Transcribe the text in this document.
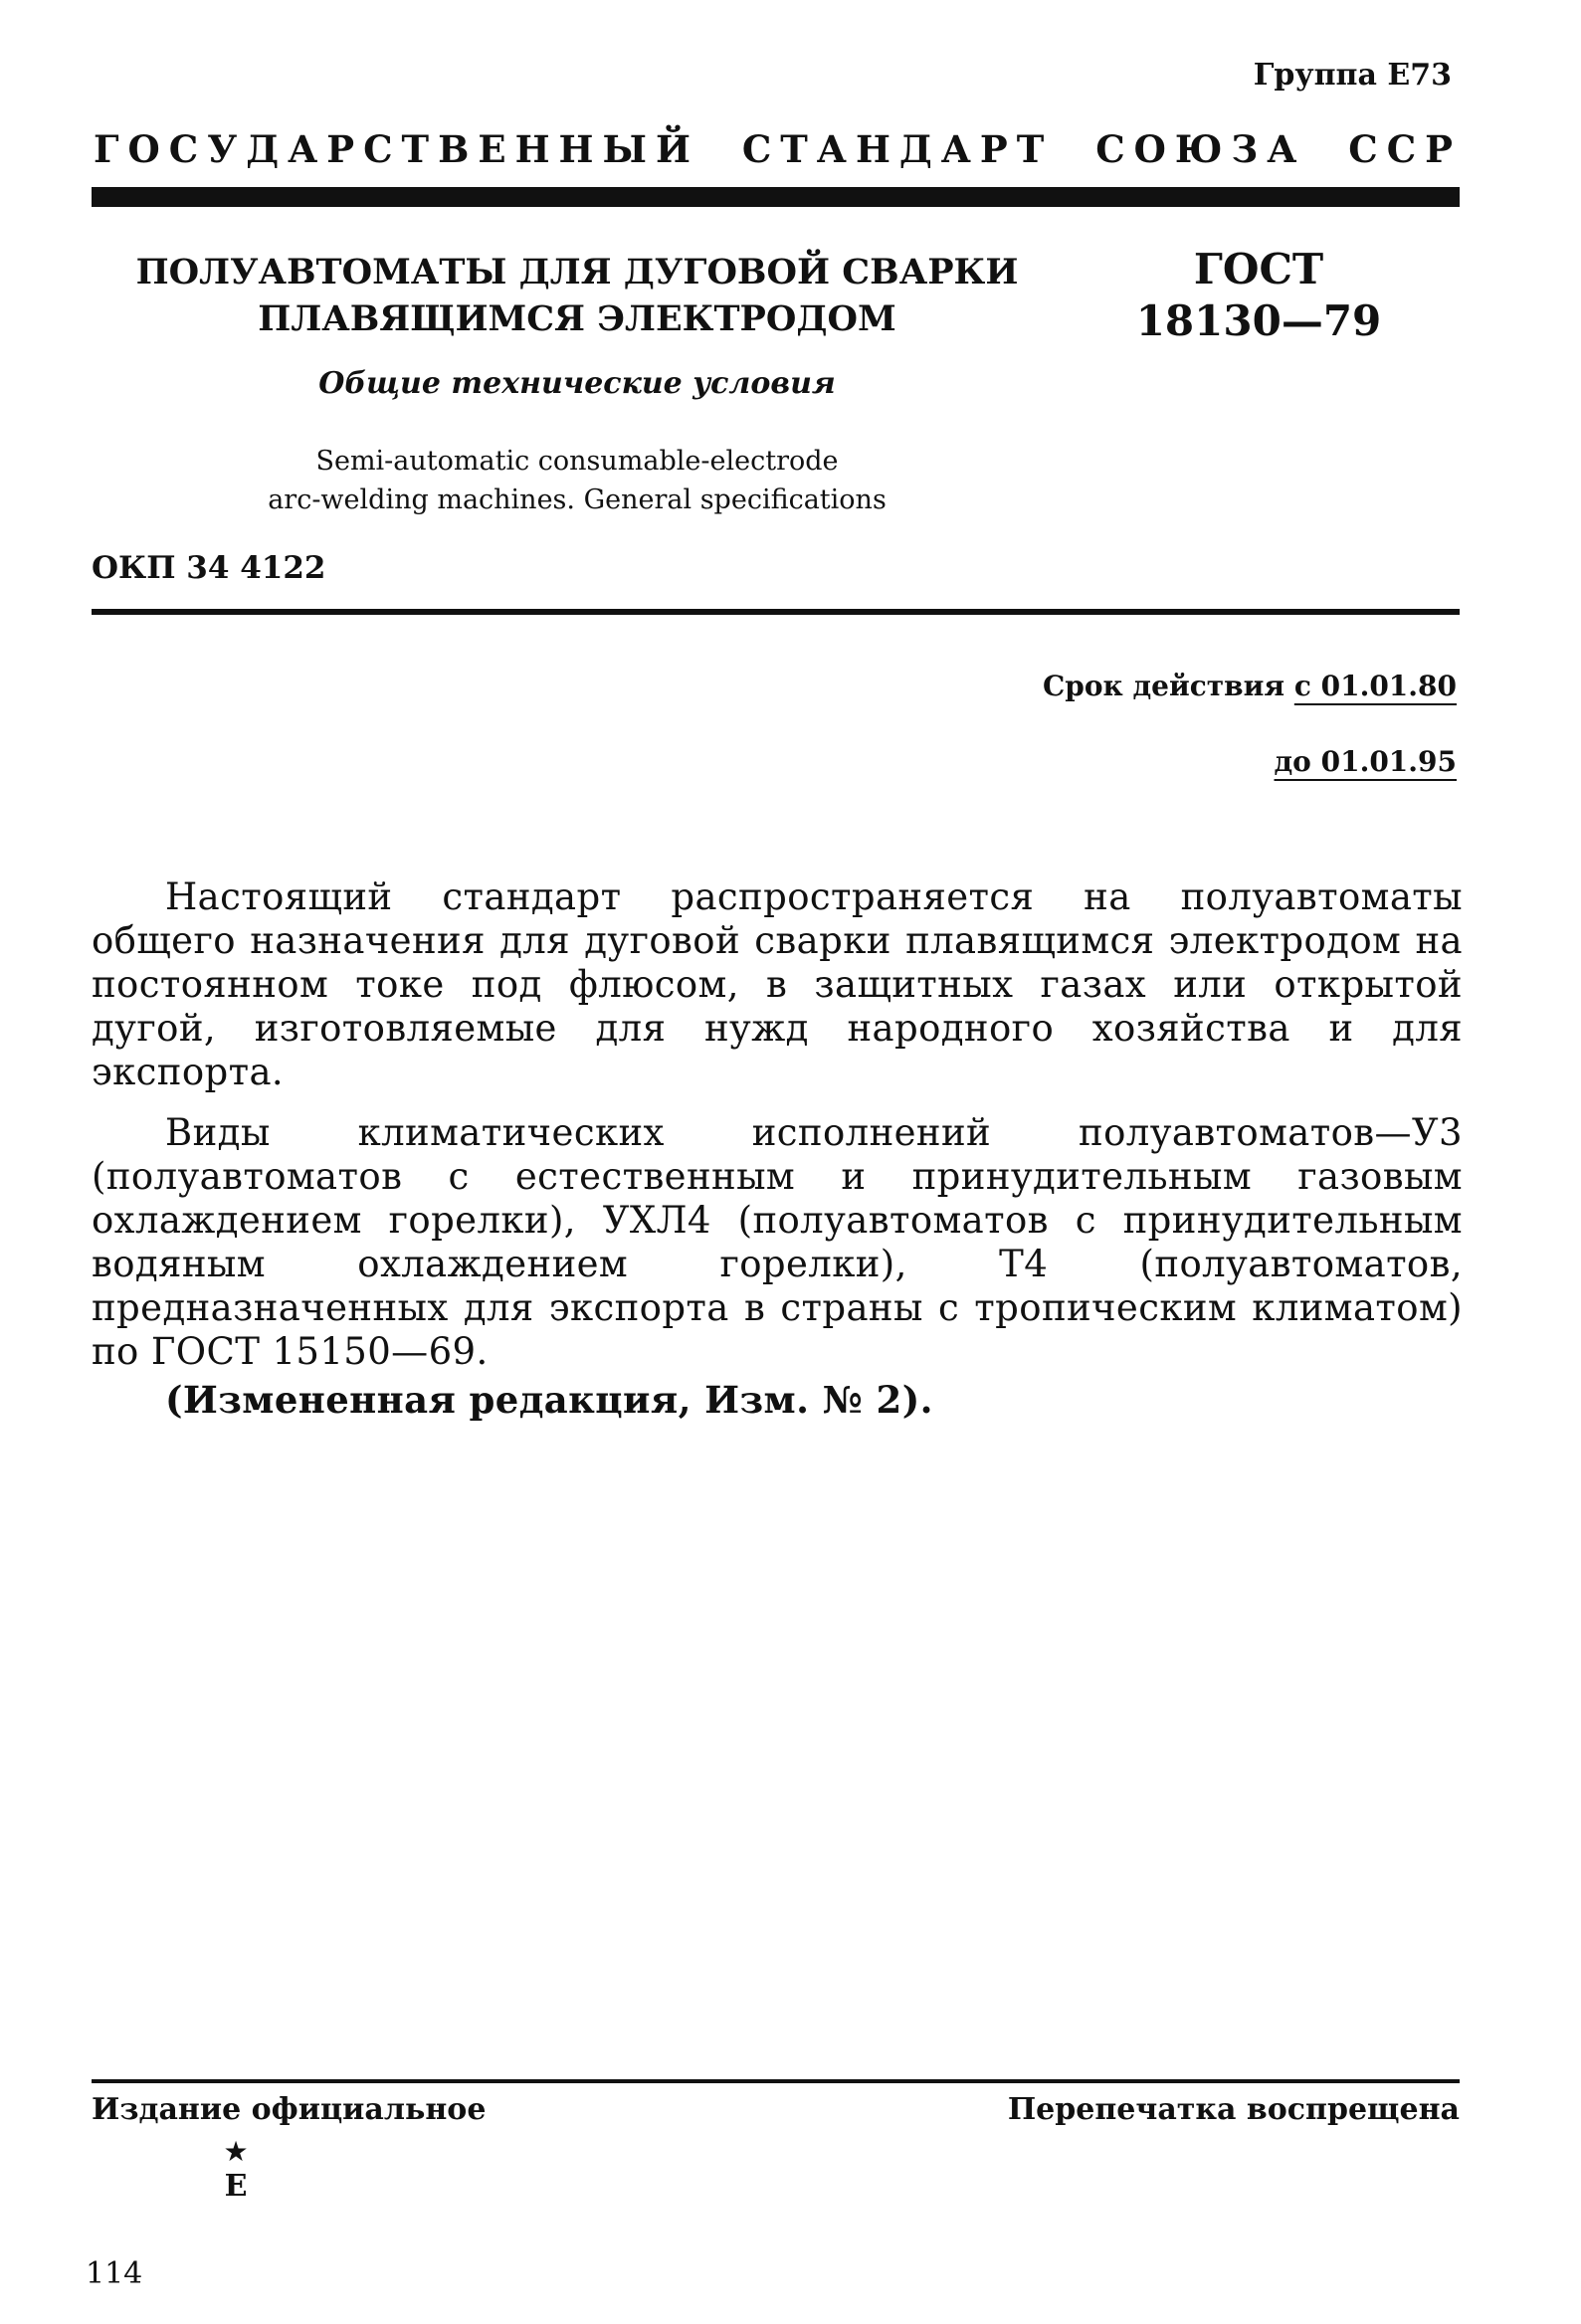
Группа Е73
ГОСУДАРСТВЕННЫЙ СТАНДАРТ СОЮЗА ССР
ПОЛУАВТОМАТЫ ДЛЯ ДУГОВОЙ СВАРКИ
ПЛАВЯЩИМСЯ ЭЛЕКТРОДОМ
ГОСТ
18130—79
Общие технические условия
Semi-automatic consumable-electrode
arc-welding machines. General specifications
ОКП 34 4122
Срок действия с 01.01.80
до 01.01.95

Настоящий стандарт распространяется на полуавтоматы общего назначения для дуговой сварки плавящимся электродом на постоянном токе под флюсом, в защитных газах или открытой дугой, изготовляемые для нужд народного хозяйства и для экспорта.

Виды климатических исполнений полуавтоматов—У3 (полуавтоматов с естественным и принудительным газовым охлаждением горелки), УХЛ4 (полуавтоматов с принудительным водяным охлаждением горелки), Т4 (полуавтоматов, предназначенных для экспорта в страны с тропическим климатом) по ГОСТ 15150—69.

(Измененная редакция, Изм. № 2).

Издание официальное	Перепечатка воспрещена
★
Е
114
